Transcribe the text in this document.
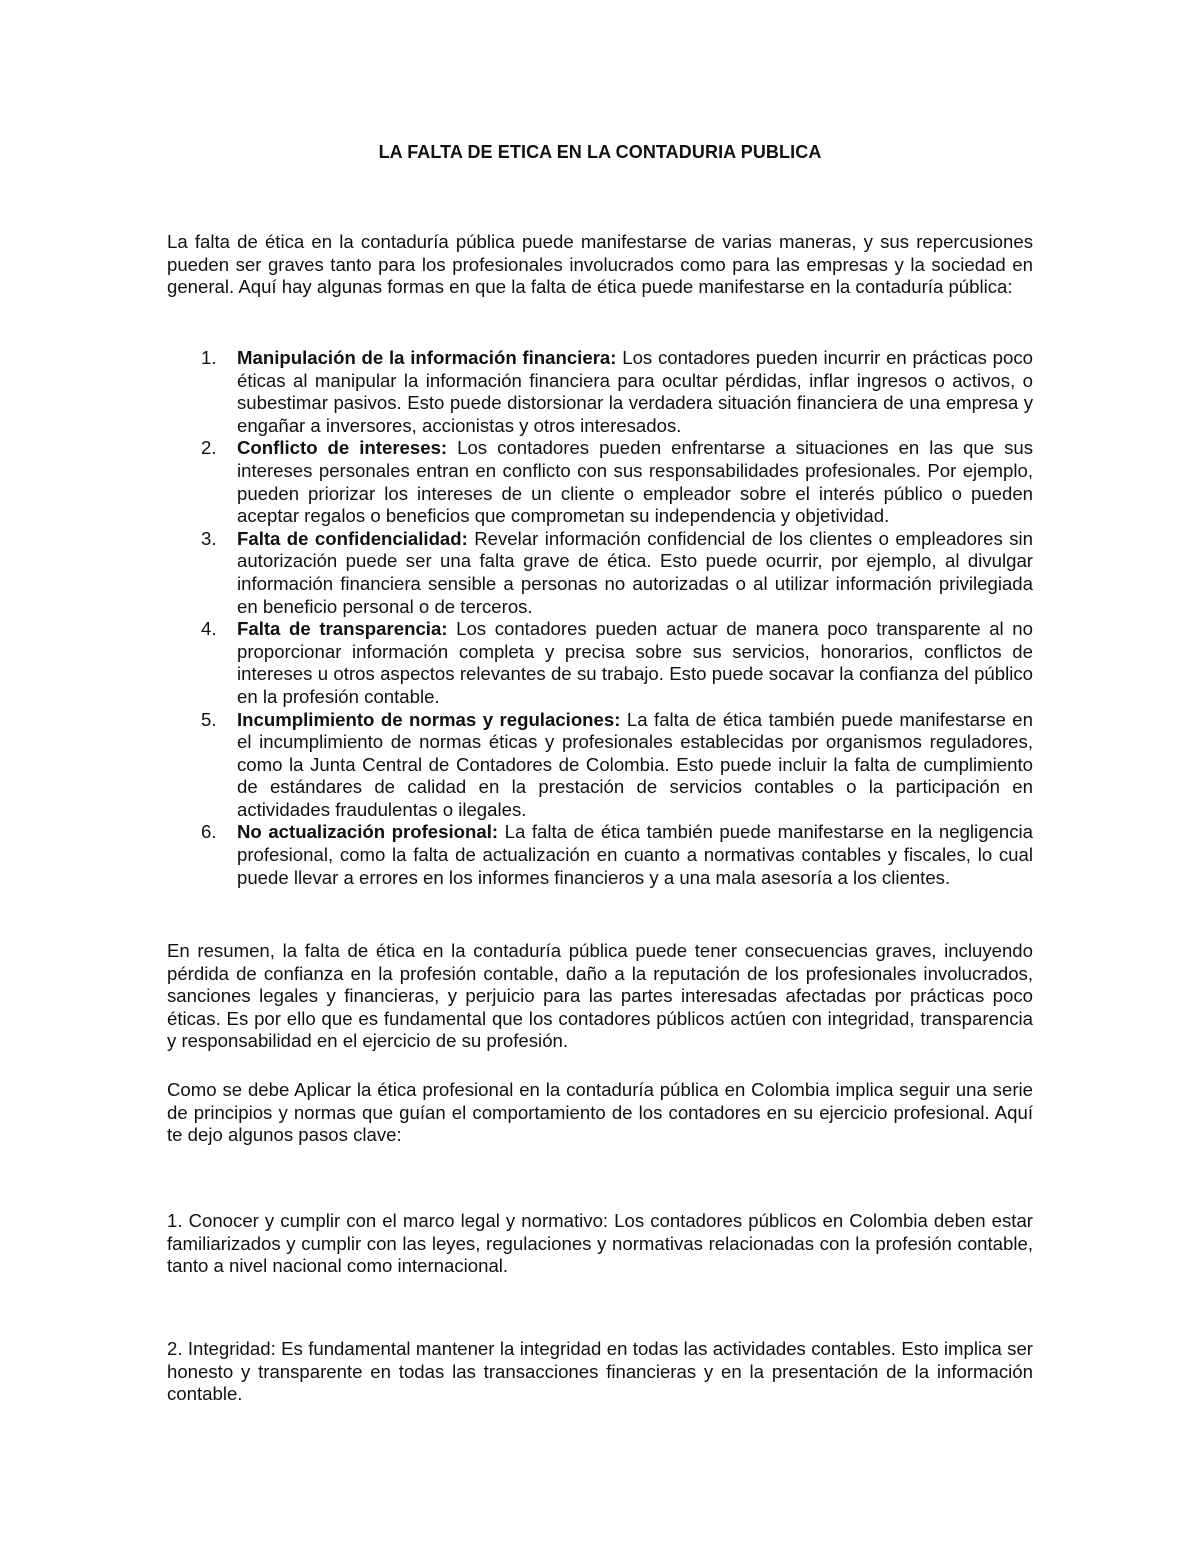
LA FALTA DE ETICA EN LA CONTADURIA PUBLICA

La falta de ética en la contaduría pública puede manifestarse de varias maneras, y sus repercusiones pueden ser graves tanto para los profesionales involucrados como para las empresas y la sociedad en general. Aquí hay algunas formas en que la falta de ética puede manifestarse en la contaduría pública:

1. Manipulación de la información financiera: Los contadores pueden incurrir en prácticas poco éticas al manipular la información financiera para ocultar pérdidas, inflar ingresos o activos, o subestimar pasivos. Esto puede distorsionar la verdadera situación financiera de una empresa y engañar a inversores, accionistas y otros interesados.
2. Conflicto de intereses: Los contadores pueden enfrentarse a situaciones en las que sus intereses personales entran en conflicto con sus responsabilidades profesionales. Por ejemplo, pueden priorizar los intereses de un cliente o empleador sobre el interés público o pueden aceptar regalos o beneficios que comprometan su independencia y objetividad.
3. Falta de confidencialidad: Revelar información confidencial de los clientes o empleadores sin autorización puede ser una falta grave de ética. Esto puede ocurrir, por ejemplo, al divulgar información financiera sensible a personas no autorizadas o al utilizar información privilegiada en beneficio personal o de terceros.
4. Falta de transparencia: Los contadores pueden actuar de manera poco transparente al no proporcionar información completa y precisa sobre sus servicios, honorarios, conflictos de intereses u otros aspectos relevantes de su trabajo. Esto puede socavar la confianza del público en la profesión contable.
5. Incumplimiento de normas y regulaciones: La falta de ética también puede manifestarse en el incumplimiento de normas éticas y profesionales establecidas por organismos reguladores, como la Junta Central de Contadores de Colombia. Esto puede incluir la falta de cumplimiento de estándares de calidad en la prestación de servicios contables o la participación en actividades fraudulentas o ilegales.
6. No actualización profesional: La falta de ética también puede manifestarse en la negligencia profesional, como la falta de actualización en cuanto a normativas contables y fiscales, lo cual puede llevar a errores en los informes financieros y a una mala asesoría a los clientes.

En resumen, la falta de ética en la contaduría pública puede tener consecuencias graves, incluyendo pérdida de confianza en la profesión contable, daño a la reputación de los profesionales involucrados, sanciones legales y financieras, y perjuicio para las partes interesadas afectadas por prácticas poco éticas. Es por ello que es fundamental que los contadores públicos actúen con integridad, transparencia y responsabilidad en el ejercicio de su profesión.

Como se debe Aplicar la ética profesional en la contaduría pública en Colombia implica seguir una serie de principios y normas que guían el comportamiento de los contadores en su ejercicio profesional. Aquí te dejo algunos pasos clave:

1. Conocer y cumplir con el marco legal y normativo: Los contadores públicos en Colombia deben estar familiarizados y cumplir con las leyes, regulaciones y normativas relacionadas con la profesión contable, tanto a nivel nacional como internacional.

2. Integridad: Es fundamental mantener la integridad en todas las actividades contables. Esto implica ser honesto y transparente en todas las transacciones financieras y en la presentación de la información contable.
